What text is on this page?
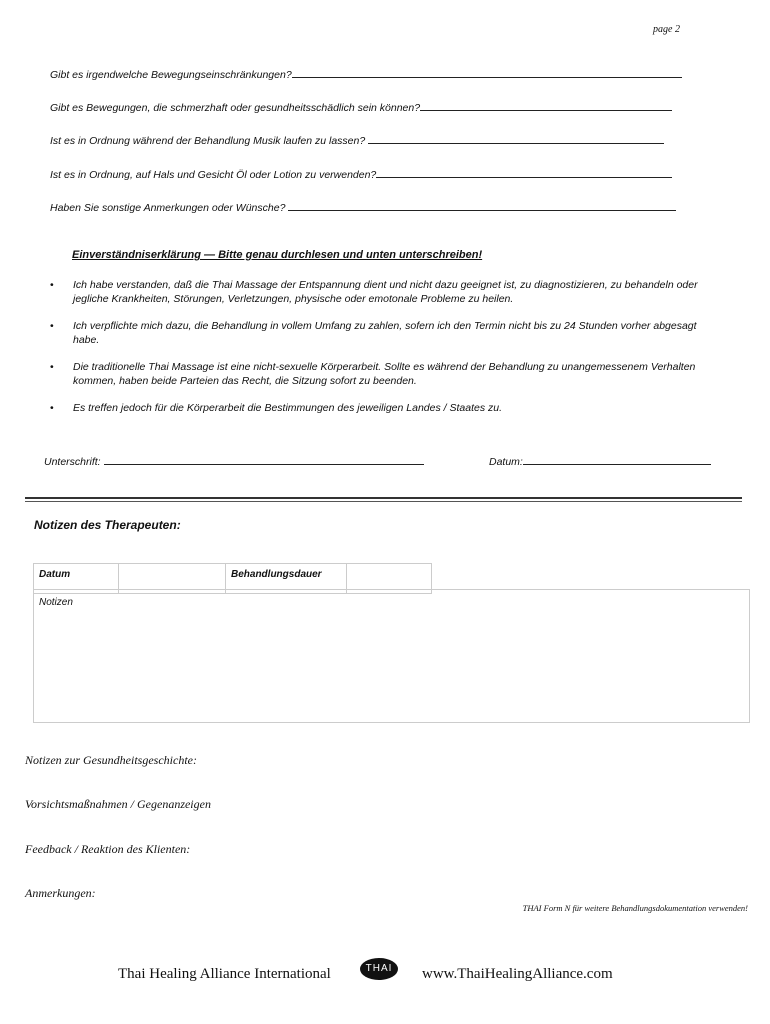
page 2
Gibt es irgendwelche Bewegungseinschränkungen?
Gibt es Bewegungen, die schmerzhaft oder gesundheitsschädlich sein können?
Ist es in Ordnung während der Behandlung Musik laufen zu lassen?
Ist es in Ordnung, auf Hals und Gesicht Öl oder Lotion zu verwenden?
Haben Sie sonstige Anmerkungen oder Wünsche?
Einverständniserklärung — Bitte genau durchlesen und unten unterschreiben!
• Ich habe verstanden, daß die Thai Massage der Entspannung dient und nicht dazu geeignet ist, zu diagnostizieren, zu behandeln oder jegliche Krankheiten, Störungen, Verletzungen, physische oder emotonale Probleme zu heilen.
• Ich verpflichte mich dazu, die Behandlung in vollem Umfang zu zahlen, sofern ich den Termin nicht bis zu 24 Stunden vorher abgesagt habe.
• Die traditionelle Thai Massage ist eine nicht-sexuelle Körperarbeit. Sollte es während der Behandlung zu unangemessenem Verhalten kommen, haben beide Parteien das Recht, die Sitzung sofort zu beenden.
• Es treffen jedoch für die Körperarbeit die Bestimmungen des jeweiligen Landes / Staates zu.
Unterschrift:	Datum:
Notizen des Therapeuten:
Datum		Behandlungsdauer	
Notizen
Notizen zur Gesundheitsgeschichte:
Vorsichtsmaßnahmen / Gegenanzeigen
Feedback / Reaktion des Klienten:
Anmerkungen:
THAI Form N für weitere Behandlungsdokumentation verwenden!
Thai Healing Alliance International	THAI	www.ThaiHealingAlliance.com
